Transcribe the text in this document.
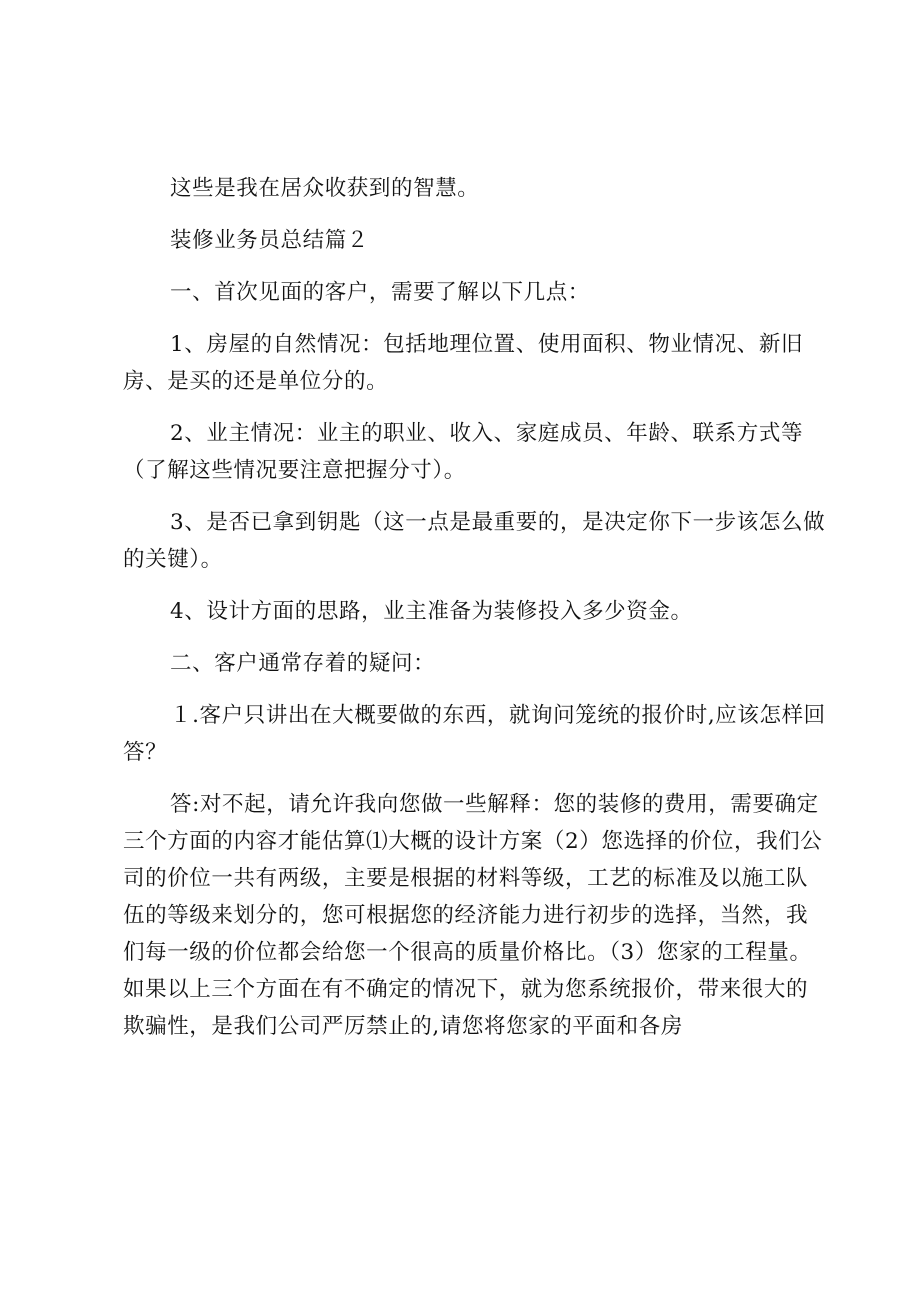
这些是我在居众收获到的智慧。

装修业务员总结篇２

一、首次见面的客户，需要了解以下几点：

1、房屋的自然情况：包括地理位置、使用面积、物业情况、新旧房、是买的还是单位分的。

2、业主情况：业主的职业、收入、家庭成员、年龄、联系方式等（了解这些情况要注意把握分寸）。

3、是否已拿到钥匙（这一点是最重要的，是决定你下一步该怎么做的关键）。

4、设计方面的思路，业主准备为装修投入多少资金。

二、客户通常存着的疑问：

１.客户只讲出在大概要做的东西，就询问笼统的报价时,应该怎样回答？

答:对不起，请允许我向您做一些解释：您的装修的费用，需要确定三个方面的内容才能估算⑴大概的设计方案（2）您选择的价位，我们公司的价位一共有两级，主要是根据的材料等级，工艺的标准及以施工队伍的等级来划分的，您可根据您的经济能力进行初步的选择，当然，我们每一级的价位都会给您一个很高的质量价格比。（3）您家的工程量。如果以上三个方面在有不确定的情况下，就为您系统报价，带来很大的欺骗性，是我们公司严厉禁止的,请您将您家的平面和各房
